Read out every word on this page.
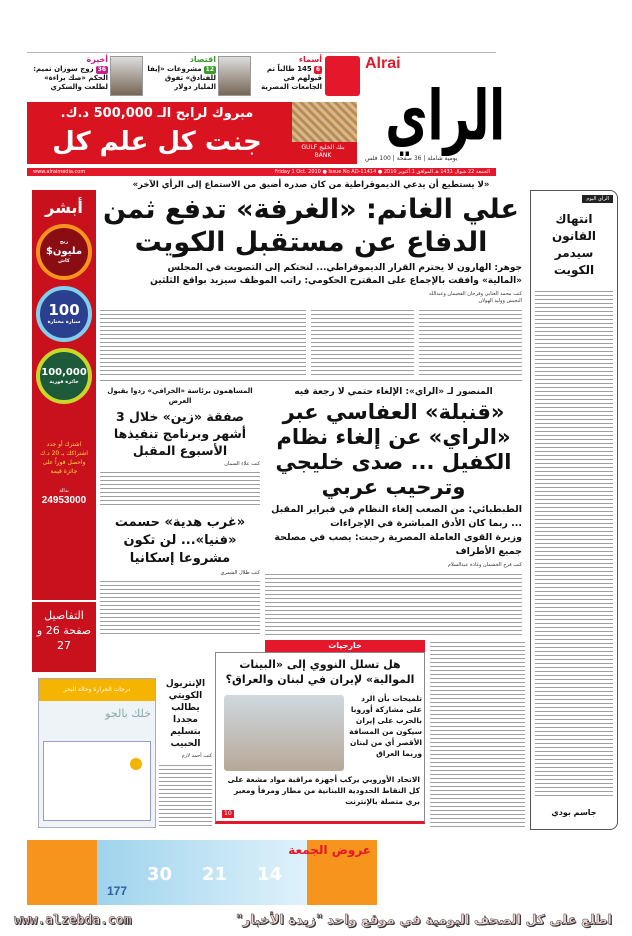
Alrai
الراي
يومية شاملة | 36 صفحة | 100 فلس
أسماء
6145 طالباً تم قبولهم في الجامعات المصرية
اقتصاد
12مشروعات «إيفا للفنادق» تفوق المليار دولار
أخيرة
36زوج سوزان تميم: الحكم «صك براءة» لطلعت والسكري
مبروك لرابح الـ 500,000 د.ك.
جنت كل علم كل	بنك الخليج GULF BANK
الجمعة 22 شوال 1431 هـ الموافق 1 أكتوبر 2010 ● Friday 1 Oct. 2010 ● Issue No AD-11414
www.alraimedia.com
أبشر
ربح
مليون$
كاش
100
سيارة مختارة
100,000
جائزة فورية
اشترك أو جدد اشتراكك بـ 20 د.ك واحصل فوراً على جائزة قيمة
بدالة
24953000
التفاصيل صفحة 26 و 27
«لا يستطيع أن يدعي الديموقراطية من كان صدره أضيق من الاستماع إلى الرأي الآخر»
علي الغانم: «الغرفة» تدفع ثمن
الدفاع عن مستقبل الكويت
جوهر: الهارون لا يحترم القرار الديموقراطي... لنحتكم إلى التصويت في المجلس
«المالية» وافقت بالإجماع على المقترح الحكومي: راتب الموظف سيزيد بواقع الثلثين
كتب محمد العتابي وفرحان الفحيمان وعبدالله النجيس ووليد الهولان
المنصور لـ «الراي»: الإلغاء حتمي لا رجعة فيه
«قنبلة» العفاسي عبر «الراي» عن إلغاء نظام الكفيل ... صدى خليجي وترحيب عربي
الطبطبائي: من الصعب إلغاء النظام في فبراير المقبل ... ربما كان الأدق المباشرة في الإجراءات
وزيرة القوى العاملة المصرية رحبت: يصب في مصلحة جميع الأطراف
كتب فرج الخشمان وغادة عبدالسلام
المساهمون برئاسة «الخرافي» ردوا بقبول العرض
صفقة «زين» خلال 3 أشهر وبرنامج تنفيذها الأسبوع المقبل
كتب علاء السمان
«غرب هدية» حسمت «فنيا»... لن تكون مشروعا إسكانيا
كتب طلال الشمري
الرأي اليوم
انتهاك القانون سيدمر الكويت
جاسم بودي
درجات الحرارة وحالة البحر
خلك بالجو
الإنتربول الكويتي يطالب مجددا بتسليم الحبيب
كتب أحمد لازم
خارجيات
هل تسلل النووي إلى «البينات الموالية» لإيران في لبنان والعراق؟
تلميحات بأن الرد على مشاركة أوروبا بالحرب على إيران سيكون من المسافة الأقصر أي من لبنان وربما العراق
الاتحاد الأوروبي يركب أجهزة مراقبة مواد مشعة على كل النقاط الحدودية اللبنانية من مطار ومرفأ ومعبر بري متصلة بالإنترنت
10
عروض الجمعة
14
21
30
177
اطلع على كل الصحف اليومية في موقع واحد "زبدة الأخبار"
www.alzebda.com
